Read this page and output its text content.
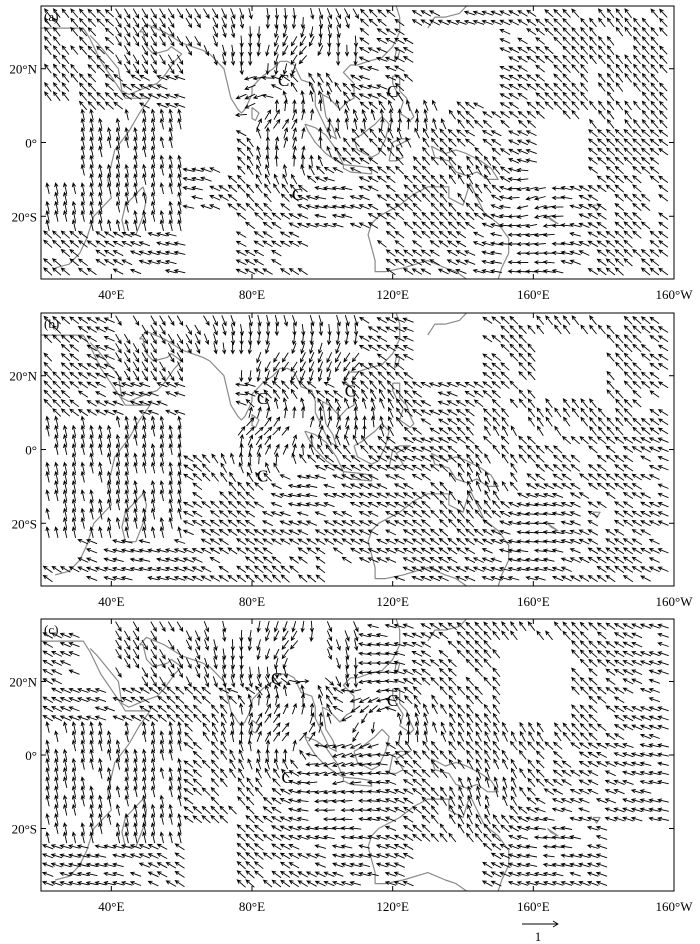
40°E	80°E	120°E	160°E	160°W
20°N
0°
20°S
(a)
C
C
C
40°E	80°E	120°E	160°E	160°W
20°N
0°
20°S
(b)
C	C
C
40°E	80°E	120°E	160°E	160°W
20°N
0°
20°S
(c)
C
C
C
1
